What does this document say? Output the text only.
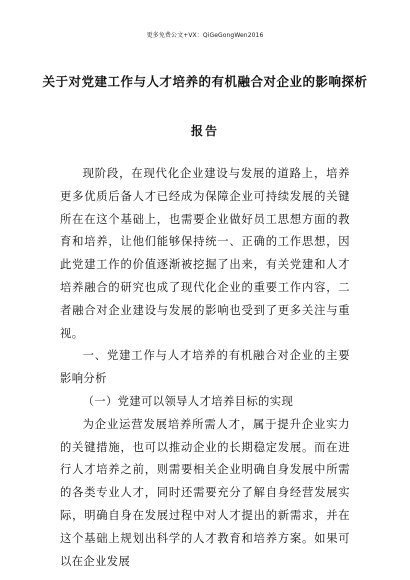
更多免费公文+VX：QiGeGongWen2016
关于对党建工作与人才培养的有机融合对企业的影响探析
报告

现阶段，在现代化企业建设与发展的道路上，培养更多优质后备人才已经成为保障企业可持续发展的关键所在在这个基础上，也需要企业做好员工思想方面的教育和培养，让他们能够保持统一、正确的工作思想，因此党建工作的价值逐渐被挖掘了出来，有关党建和人才培养融合的研究也成了现代化企业的重要工作内容，二者融合对企业建设与发展的影响也受到了更多关注与重视。

一、党建工作与人才培养的有机融合对企业的主要影响分析

（一）党建可以领导人才培养目标的实现

为企业运营发展培养所需人才，属于提升企业实力的关键措施，也可以推动企业的长期稳定发展。而在进行人才培养之前，则需要相关企业明确自身发展中所需的各类专业人才，同时还需要充分了解自身经营发展实际，明确自身在发展过程中对人才提出的新需求，并在这个基础上规划出科学的人才教育和培养方案。如果可以在企业发展
